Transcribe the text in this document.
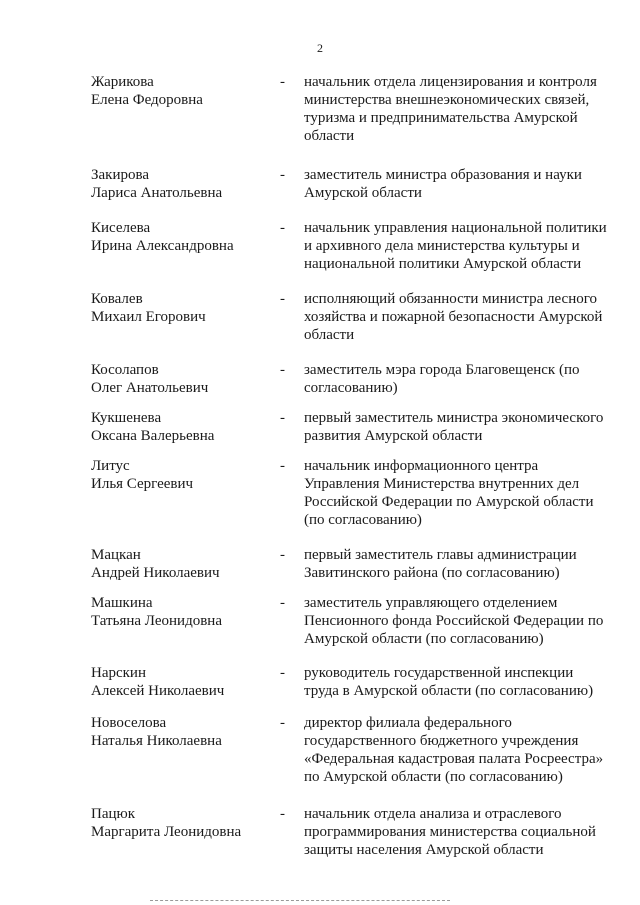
2
Жарикова
Елена Федоровна
-	начальник отдела лицензирования и контроля министерства внешнеэкономических связей, туризма и предпринимательства Амурской области
Закирова
Лариса Анатольевна
-	заместитель министра образования и науки Амурской области
Киселева
Ирина Александровна
-	начальник управления национальной политики и архивного дела министерства культуры и национальной политики Амурской области
Ковалев
Михаил Егорович
-	исполняющий обязанности министра лесного хозяйства и пожарной безопасности Амурской области
Косолапов
Олег Анатольевич
-	заместитель мэра города Благовещенск (по согласованию)
Кукшенева
Оксана Валерьевна
-	первый заместитель министра экономического развития Амурской области
Литус
Илья Сергеевич
-	начальник информационного центра Управления Министерства внутренних дел Российской Федерации по Амурской области (по согласованию)
Мацкан
Андрей Николаевич
-	первый заместитель главы администрации Завитинского района (по согласованию)
Машкина
Татьяна Леонидовна
-	заместитель управляющего отделением Пенсионного фонда Российской Федерации по Амурской области (по согласованию)
Нарскин
Алексей Николаевич
-	руководитель государственной инспекции труда в Амурской области (по согласованию)
Новоселова
Наталья Николаевна
-	директор филиала федерального государственного бюджетного учреждения «Федеральная кадастровая палата Росреестра» по Амурской области (по согласованию)
Пацюк
Маргарита Леонидовна
-	начальник отдела анализа и отраслевого программирования министерства социальной защиты населения Амурской области
